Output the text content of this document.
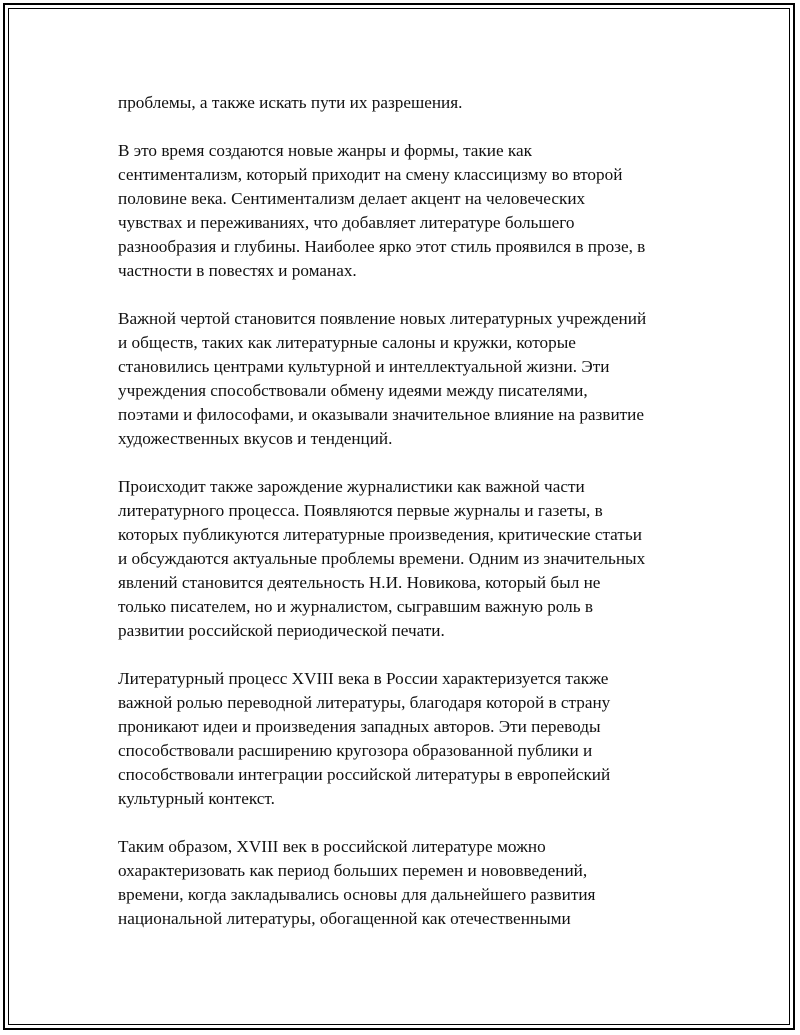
проблемы, а также искать пути их разрешения.

В это время создаются новые жанры и формы, такие как
сентиментализм, который приходит на смену классицизму во второй
половине века. Сентиментализм делает акцент на человеческих
чувствах и переживаниях, что добавляет литературе большего
разнообразия и глубины. Наиболее ярко этот стиль проявился в прозе, в
частности в повестях и романах.

Важной чертой становится появление новых литературных учреждений
и обществ, таких как литературные салоны и кружки, которые
становились центрами культурной и интеллектуальной жизни. Эти
учреждения способствовали обмену идеями между писателями,
поэтами и философами, и оказывали значительное влияние на развитие
художественных вкусов и тенденций.

Происходит также зарождение журналистики как важной части
литературного процесса. Появляются первые журналы и газеты, в
которых публикуются литературные произведения, критические статьи
и обсуждаются актуальные проблемы времени. Одним из значительных
явлений становится деятельность Н.И. Новикова, который был не
только писателем, но и журналистом, сыгравшим важную роль в
развитии российской периодической печати.

Литературный процесс XVIII века в России характеризуется также
важной ролью переводной литературы, благодаря которой в страну
проникают идеи и произведения западных авторов. Эти переводы
способствовали расширению кругозора образованной публики и
способствовали интеграции российской литературы в европейский
культурный контекст.

Таким образом, XVIII век в российской литературе можно
охарактеризовать как период больших перемен и нововведений,
времени, когда закладывались основы для дальнейшего развития
национальной литературы, обогащенной как отечественными
